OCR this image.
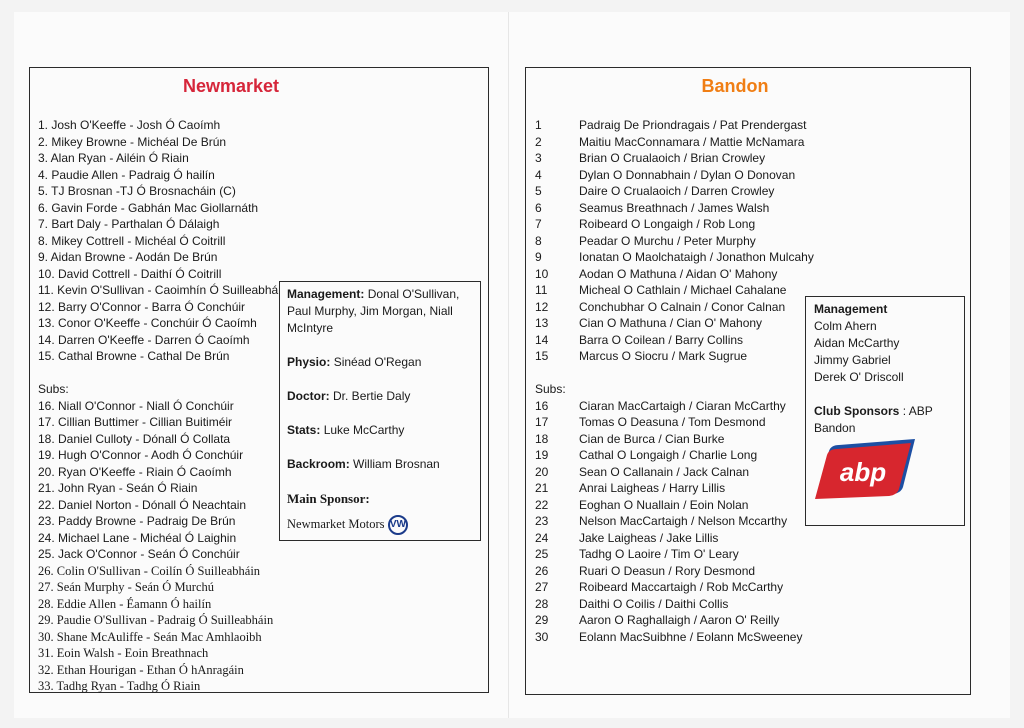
Newmarket
1. Josh O'Keeffe - Josh Ó Caoímh
2. Mikey Browne - Michéal De Brún
3. Alan Ryan - Ailéin Ó Riain
4. Paudie Allen - Padraig Ó hailín
5. TJ Brosnan -TJ Ó Brosnacháin (C)
6. Gavin Forde - Gabhán Mac Giollarnáth
7. Bart Daly - Parthalan Ó Dálaigh
8. Mikey Cottrell - Michéal Ó Coitrill
9. Aidan Browne - Aodán De Brún
10. David Cottrell - Daithí Ó Coitrill
11. Kevin O'Sullivan - Caoimhín Ó Suilleabhá
12. Barry O'Connor - Barra Ó Conchúir
13. Conor O'Keeffe - Conchúir Ó Caoímh
14. Darren O'Keeffe - Darren Ó Caoímh
15. Cathal Browne - Cathal De Brún
Subs:
16. Niall O'Connor - Niall Ó Conchúir
17. Cillian Buttimer - Cillian Buitiméir
18. Daniel Culloty - Dónall Ó Collata
19. Hugh O'Connor - Aodh Ó Conchúir
20. Ryan O'Keeffe - Riain Ó Caoímh
21. John Ryan - Seán Ó Riain
22. Daniel Norton - Dónall Ó Neachtain
23. Paddy Browne - Padraig De Brún
24. Michael Lane - Michéal Ó Laighin
25. Jack O'Connor - Seán Ó Conchúir
26. Colin O'Sullivan - Coilín Ó Suilleabháin
27. Seán Murphy - Seán Ó Murchú
28. Eddie Allen - Éamann Ó hailín
29. Paudie O'Sullivan - Padraig Ó Suilleabháin
30. Shane McAuliffe - Seán Mac Amhlaoibh
31. Eoin Walsh - Eoin Breathnach
32. Ethan Hourigan - Ethan Ó hAnragáin
33. Tadhg Ryan - Tadhg Ó Riain
Management: Donal O'Sullivan, Paul Murphy, Jim Morgan, Niall McIntyre
Physio: Sinéad O'Regan
Doctor: Dr. Bertie Daly
Stats: Luke McCarthy
Backroom: William Brosnan
Main Sponsor:
Newmarket Motors VW
Bandon
1	Padraig De Priondragais / Pat Prendergast
2	Maitiu MacConnamara / Mattie McNamara
3	Brian O Crualaoich / Brian Crowley
4	Dylan O Donnabhain / Dylan O Donovan
5	Daire O Crualaoich / Darren Crowley
6	Seamus Breathnach / James Walsh
7	Roibeard O Longaigh / Rob Long
8	Peadar O Murchu / Peter Murphy
9	Ionatan O Maolchataigh / Jonathon Mulcahy
10	Aodan O Mathuna / Aidan O' Mahony
11	Micheal O Cathlain / Michael Cahalane
12	Conchubhar O Calnain / Conor Calnan
13	Cian O Mathuna / Cian O' Mahony
14	Barra O Coilean / Barry Collins
15	Marcus O Siocru / Mark Sugrue
Subs:
16	Ciaran MacCartaigh / Ciaran McCarthy
17	Tomas O Deasuna / Tom Desmond
18	Cian de Burca / Cian Burke
19	Cathal O Longaigh / Charlie Long
20	Sean O Callanain / Jack Calnan
21	Anrai Laigheas / Harry Lillis
22	Eoghan O Nuallain / Eoin Nolan
23	Nelson MacCartaigh / Nelson Mccarthy
24	Jake Laigheas / Jake Lillis
25	Tadhg O Laoire / Tim O' Leary
26	Ruari O Deasun / Rory Desmond
27	Roibeard Maccartaigh / Rob McCarthy
28	Daithi O Coilis / Daithi Collis
29	Aaron O Raghallaigh / Aaron O' Reilly
30	Eolann MacSuibhne / Eolann McSweeney
Management
Colm Ahern
Aidan McCarthy
Jimmy Gabriel
Derek O' Driscoll
Club Sponsors : ABP Bandon
abp
